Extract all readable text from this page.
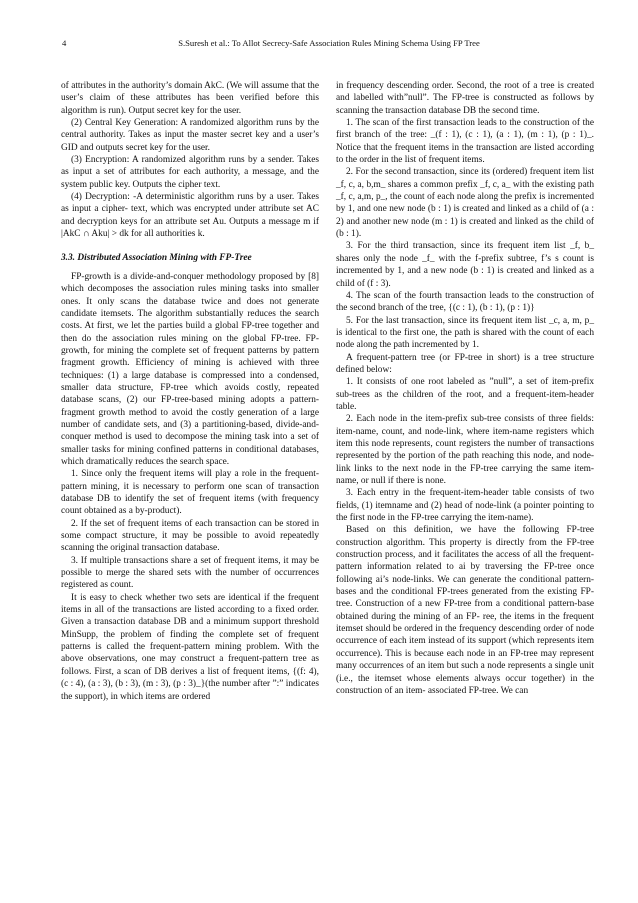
4	S.Suresh et al.: To Allot Secrecy-Safe Association Rules Mining Schema Using FP Tree

of attributes in the authority’s domain AkC. (We will assume that the user’s claim of these attributes has been verified before this algorithm is run). Output secret key for the user.

(2) Central Key Generation: A randomized algorithm runs by the central authority. Takes as input the master secret key and a user’s GID and outputs secret key for the user.

(3) Encryption: A randomized algorithm runs by a sender. Takes as input a set of attributes for each authority, a message, and the system public key. Outputs the cipher text.

(4) Decryption: -A deterministic algorithm runs by a user. Takes as input a cipher- text, which was encrypted under attribute set AC and decryption keys for an attribute set Au. Outputs a message m if |AkC ∩ Aku| > dk for all authorities k.

3.3. Distributed Association Mining with FP-Tree

FP-growth is a divide-and-conquer methodology proposed by [8] which decomposes the association rules mining tasks into smaller ones. It only scans the database twice and does not generate candidate itemsets. The algorithm substantially reduces the search costs. At first, we let the parties build a global FP-tree together and then do the association rules mining on the global FP-tree. FP-growth, for mining the complete set of frequent patterns by pattern fragment growth. Efficiency of mining is achieved with three techniques: (1) a large database is compressed into a condensed, smaller data structure, FP-tree which avoids costly, repeated database scans, (2) our FP-tree-based mining adopts a pattern-fragment growth method to avoid the costly generation of a large number of candidate sets, and (3) a partitioning-based, divide-and-conquer method is used to decompose the mining task into a set of smaller tasks for mining confined patterns in conditional databases, which dramatically reduces the search space.

1. Since only the frequent items will play a role in the frequent-pattern mining, it is necessary to perform one scan of transaction database DB to identify the set of frequent items (with frequency count obtained as a by-product).

2. If the set of frequent items of each transaction can be stored in some compact structure, it may be possible to avoid repeatedly scanning the original transaction database.

3. If multiple transactions share a set of frequent items, it may be possible to merge the shared sets with the number of occurrences registered as count.

It is easy to check whether two sets are identical if the frequent items in all of the transactions are listed according to a fixed order. Given a transaction database DB and a minimum support threshold MinSupp, the problem of finding the complete set of frequent patterns is called the frequent-pattern mining problem. With the above observations, one may construct a frequent-pattern tree as follows. First, a scan of DB derives a list of frequent items, {(f: 4), (c : 4), (a : 3), (b : 3), (m : 3), (p : 3)_}(the number after ”:” indicates the support), in which items are ordered

in frequency descending order. Second, the root of a tree is created and labelled with”null”. The FP-tree is constructed as follows by scanning the transaction database DB the second time.

1. The scan of the first transaction leads to the construction of the first branch of the tree: _(f : 1), (c : 1), (a : 1), (m : 1), (p : 1)_. Notice that the frequent items in the transaction are listed according to the order in the list of frequent items.

2. For the second transaction, since its (ordered) frequent item list _f, c, a, b,m_ shares a common prefix _f, c, a_ with the existing path _f, c, a,m, p_, the count of each node along the prefix is incremented by 1, and one new node (b : 1) is created and linked as a child of (a : 2) and another new node (m : 1) is created and linked as the child of (b : 1).

3. For the third transaction, since its frequent item list _f, b_ shares only the node _f_ with the f-prefix subtree, f’s s count is incremented by 1, and a new node (b : 1) is created and linked as a child of (f : 3).

4. The scan of the fourth transaction leads to the construction of the second branch of the tree, {(c : 1), (b : 1), (p : 1)}

5. For the last transaction, since its frequent item list _c, a, m, p_ is identical to the first one, the path is shared with the count of each node along the path incremented by 1.

A frequent-pattern tree (or FP-tree in short) is a tree structure defined below:

1. It consists of one root labeled as ”null”, a set of item-prefix sub-trees as the children of the root, and a frequent-item-header table.

2. Each node in the item-prefix sub-tree consists of three fields: item-name, count, and node-link, where item-name registers which item this node represents, count registers the number of transactions represented by the portion of the path reaching this node, and node-link links to the next node in the FP-tree carrying the same item-name, or null if there is none.

3. Each entry in the frequent-item-header table consists of two fields, (1) itemname and (2) head of node-link (a pointer pointing to the first node in the FP-tree carrying the item-name).

Based on this definition, we have the following FP-tree construction algorithm. This property is directly from the FP-tree construction process, and it facilitates the access of all the frequent-pattern information related to ai by traversing the FP-tree once following ai’s node-links. We can generate the conditional pattern-bases and the conditional FP-trees generated from the existing FP-tree. Construction of a new FP-tree from a conditional pattern-base obtained during the mining of an FP- ree, the items in the frequent itemset should be ordered in the frequency descending order of node occurrence of each item instead of its support (which represents item occurrence). This is because each node in an FP-tree may represent many occurrences of an item but such a node represents a single unit (i.e., the itemset whose elements always occur together) in the construction of an item- associated FP-tree. We can
